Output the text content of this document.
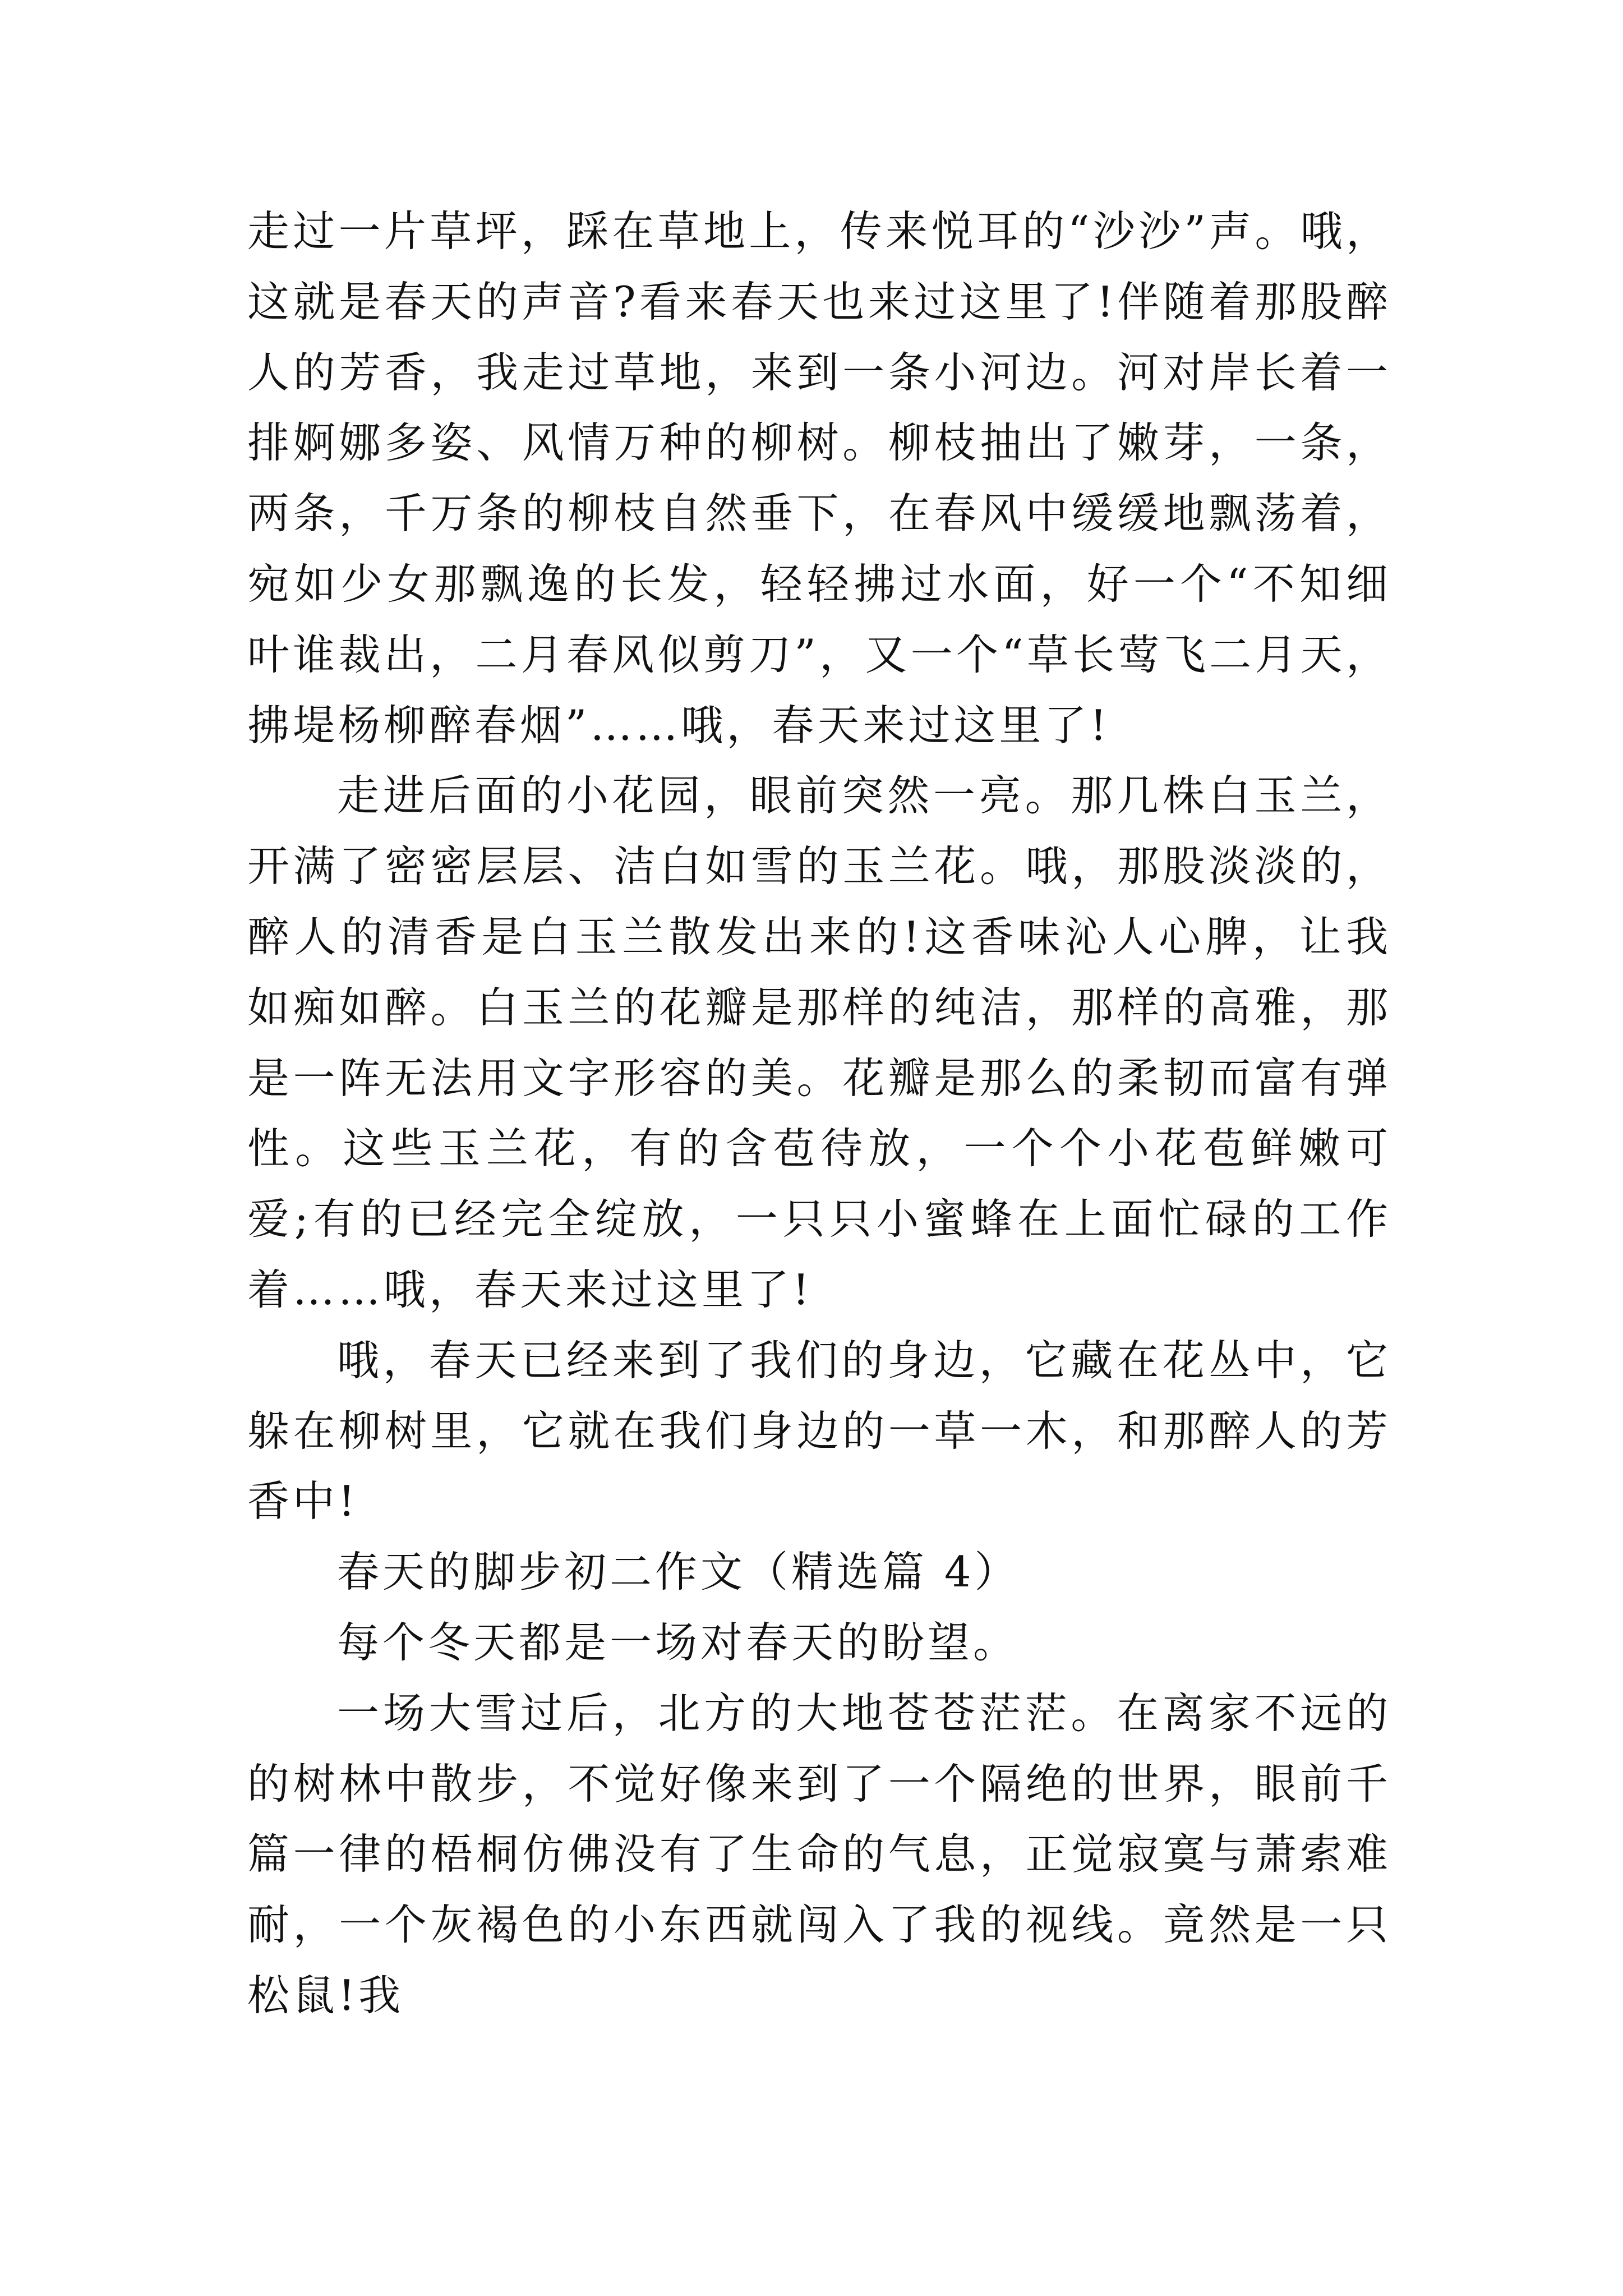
走过一片草坪，踩在草地上，传来悦耳的“沙沙”声。哦，这就是春天的声音?看来春天也来过这里了!伴随着那股醉人的芳香，我走过草地，来到一条小河边。河对岸长着一排婀娜多姿、风情万种的柳树。柳枝抽出了嫩芽，一条，两条，千万条的柳枝自然垂下，在春风中缓缓地飘荡着，宛如少女那飘逸的长发，轻轻拂过水面，好一个“不知细叶谁裁出，二月春风似剪刀”，又一个“草长莺飞二月天，拂堤杨柳醉春烟”……哦，春天来过这里了!

走进后面的小花园，眼前突然一亮。那几株白玉兰，开满了密密层层、洁白如雪的玉兰花。哦，那股淡淡的，醉人的清香是白玉兰散发出来的!这香味沁人心脾，让我如痴如醉。白玉兰的花瓣是那样的纯洁，那样的高雅，那是一阵无法用文字形容的美。花瓣是那么的柔韧而富有弹性。这些玉兰花，有的含苞待放，一个个小花苞鲜嫩可爱;有的已经完全绽放，一只只小蜜蜂在上面忙碌的工作着……哦，春天来过这里了!

哦，春天已经来到了我们的身边，它藏在花丛中，它躲在柳树里，它就在我们身边的一草一木，和那醉人的芳香中!

春天的脚步初二作文（精选篇 4）

每个冬天都是一场对春天的盼望。

一场大雪过后，北方的大地苍苍茫茫。在离家不远的的树林中散步，不觉好像来到了一个隔绝的世界，眼前千篇一律的梧桐仿佛没有了生命的气息，正觉寂寞与萧索难耐，一个灰褐色的小东西就闯入了我的视线。竟然是一只松鼠!我
